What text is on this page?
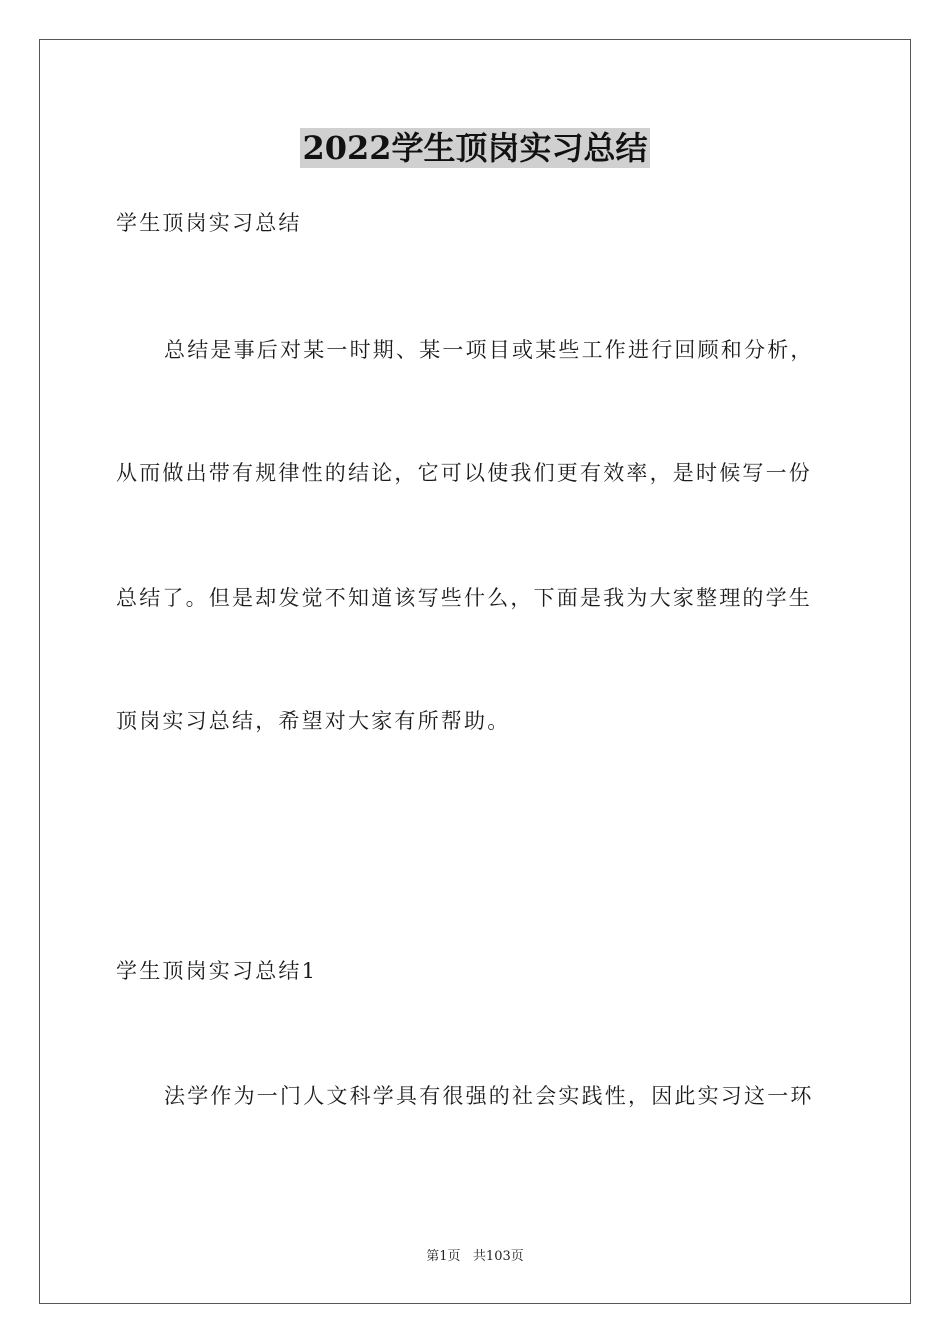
2022学生顶岗实习总结
学生顶岗实习总结
总结是事后对某一时期、某一项目或某些工作进行回顾和分析，
从而做出带有规律性的结论，它可以使我们更有效率，是时候写一份
总结了。但是却发觉不知道该写些什么，下面是我为大家整理的学生
顶岗实习总结，希望对大家有所帮助。
学生顶岗实习总结1
法学作为一门人文科学具有很强的社会实践性，因此实习这一环
第1页 共103页
